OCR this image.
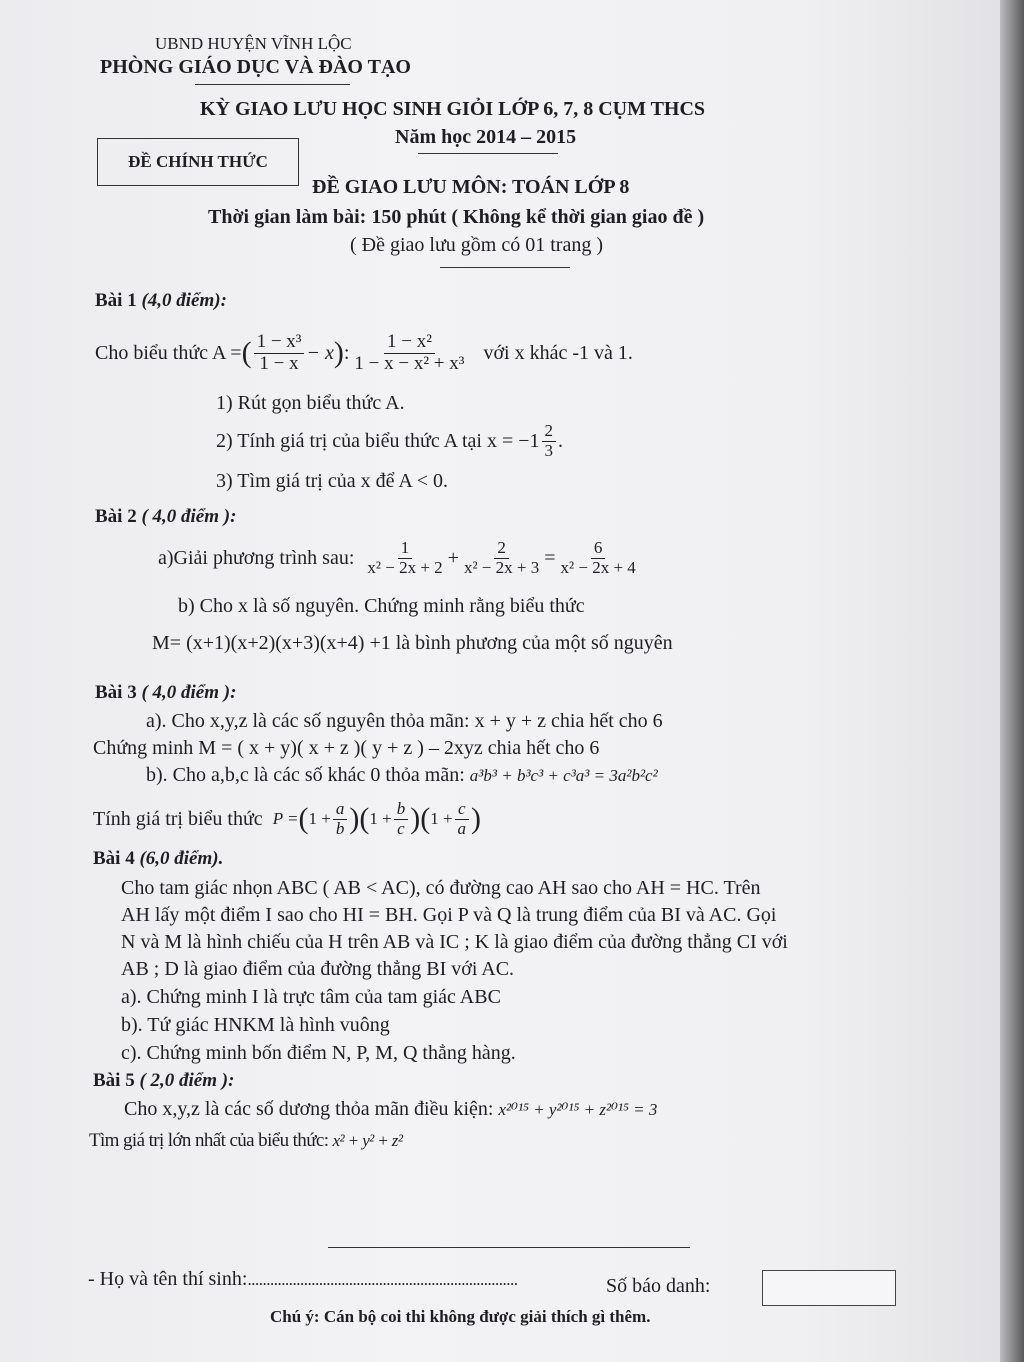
UBND HUYỆN VĨNH LỘC
PHÒNG GIÁO DỤC VÀ ĐÀO TẠO
KỲ GIAO LƯU HỌC SINH GIỎI LỚP 6, 7, 8 CỤM THCS
Năm học 2014 – 2015
ĐỀ CHÍNH THỨC
ĐỀ GIAO LƯU MÔN: TOÁN LỚP 8
Thời gian làm bài: 150 phút ( Không kể thời gian giao đề )
( Đề giao lưu gồm có 01 trang )
Bài 1 (4,0 điểm):
Cho biểu thức A = ( $\frac{\text{1 − x³}}{1 - x} - x$ ) : $\frac{\text{1 − x²}}{\text{1 − x − x² + x³}}$ với x khác -1 và 1.
1) Rút gọn biểu thức A.
2) Tính giá trị của biểu thức A tại $x = -1 \frac{2}{3}$ .
3) Tìm giá trị của x để A < 0.
Bài 2 ( 4,0 điểm ):
a)Giải phương trình sau: $\frac{1}{\text{x² − 2x + 2}} + \frac{2}{\text{x² − 2x + 3}} = \frac{6}{\text{x² − 2x + 4}}$
b) Cho x là số nguyên. Chứng minh rằng biểu thức
M= (x+1)(x+2)(x+3)(x+4) +1 là bình phương của một số nguyên
Bài 3 ( 4,0 điểm ):
a). Cho x,y,z là các số nguyên thỏa mãn: x + y + z chia hết cho 6
Chứng minh M = ( x + y)( x + z )( y + z ) – 2xyz chia hết cho 6
b). Cho a,b,c là các số khác 0 thỏa mãn: a³b³ + b³c³ + c³a³ = 3a²b²c²
Tính giá trị biểu thức P = ( $1 + \frac{a}{b}$ ) ( $1 + \frac{b}{c}$ ) ( $1 + \frac{c}{a}$ )
Bài 4 (6,0 điểm).
Cho tam giác nhọn ABC ( AB < AC), có đường cao AH sao cho AH = HC. Trên
AH lấy một điểm I sao cho HI = BH. Gọi P và Q là trung điểm của BI và AC. Gọi
N và M là hình chiếu của H trên AB và IC ; K là giao điểm của đường thẳng CI với
AB ; D là giao điểm của đường thẳng BI với AC.
a). Chứng minh I là trực tâm của tam giác ABC
b). Tứ giác HNKM là hình vuông
c). Chứng minh bốn điểm N, P, M, Q thẳng hàng.
Bài 5 ( 2,0 điểm ):
Cho x,y,z là các số dương thỏa mãn điều kiện: x²⁰¹⁵ + y²⁰¹⁵ + z²⁰¹⁵ = 3
Tìm giá trị lớn nhất của biểu thức: x² + y² + z²
- Họ và tên thí sinh:........................................................................	Số báo danh:
Chú ý: Cán bộ coi thi không được giải thích gì thêm.
